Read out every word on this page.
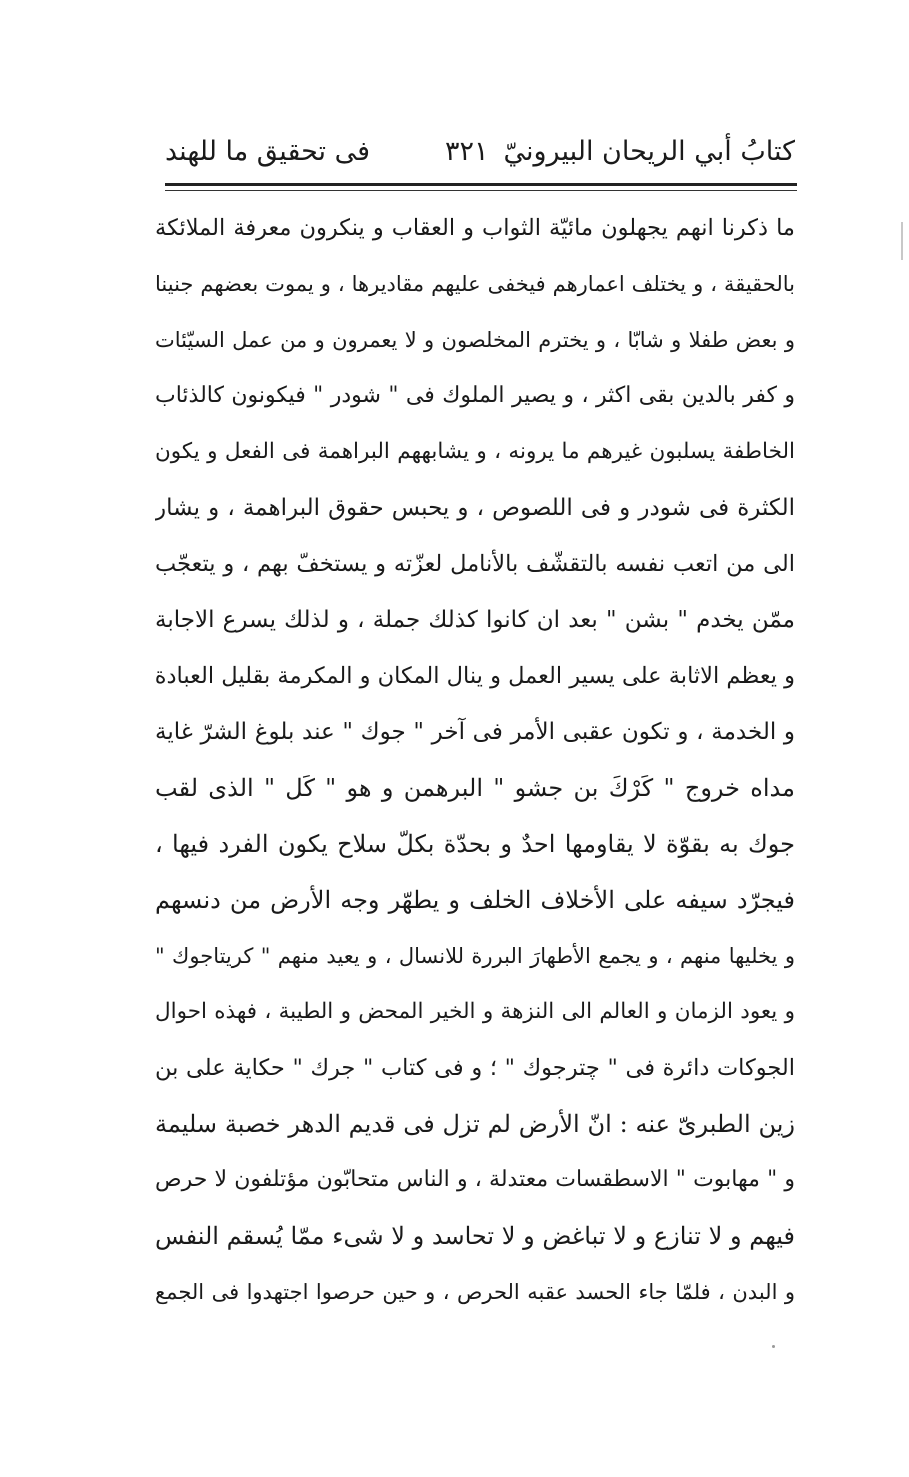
كتابُ أبي الريحان البيرونيّ
٣٢١
فی تحقیق ما للهند
ما ذكرنا انهم يجهلون مائيّة الثواب و العقاب و ينكرون معرفة الملائكة
بالحقيقة ، و يختلف اعمارهم فيخفى عليهم مقاديرها ، و يموت بعضهم جنينا
و بعض طفلا و شابّا ، و يخترم المخلصون و لا يعمرون و من عمل السيّئات
و كفر بالدين بقى اكثر ، و يصير الملوك فى " شودر " فيكونون كالذئاب
الخاطفة يسلبون غيرهم ما يرونه ، و يشابههم البراهمة فى الفعل و يكون
الكثرة فى شودر و فى اللصوص ، و يحبس حقوق البراهمة ، و يشار
الى من اتعب نفسه بالتقشّف بالأنامل لعزّته و يستخفّ بهم ، و يتعجّب
ممّن يخدم " بشن " بعد ان كانوا كذلك جملة ، و لذلك يسرع الاجابة
و يعظم الاثابة على يسير العمل و ينال المكان و المكرمة بقليل العبادة
و الخدمة ، و تكون عقبى الأمر فى آخر " جوك " عند بلوغ الشرّ غاية
مداه خروج " كَرْكَ بن جشو " البرهمن و هو " كَل " الذى لقب
جوك به بقوّة لا يقاومها احدٌ و بحدّة بكلّ سلاح يكون الفرد فيها ،
فيجرّد سيفه على الأخلاف الخلف و يطهّر وجه الأرض من دنسهم
و يخليها منهم ، و يجمع الأطهارَ البررة للانسال ، و يعيد منهم " كريتاجوك "
و يعود الزمان و العالم الى النزهة و الخير المحض و الطيبة ، فهذه احوال
الجوكات دائرة فى " چترجوك " ؛ و فى كتاب " جرك " حكاية على بن
زين الطبرىّ عنه : انّ الأرض لم تزل فى قديم الدهر خصبة سليمة
و " مهابوت " الاسطقسات معتدلة ، و الناس متحابّون مؤتلفون لا حرص
فيهم و لا تنازع و لا تباغض و لا تحاسد و لا شىء ممّا يُسقم النفس
و البدن ، فلمّا جاء الحسد عقبه الحرص ، و حين حرصوا اجتهدوا فى الجمع
